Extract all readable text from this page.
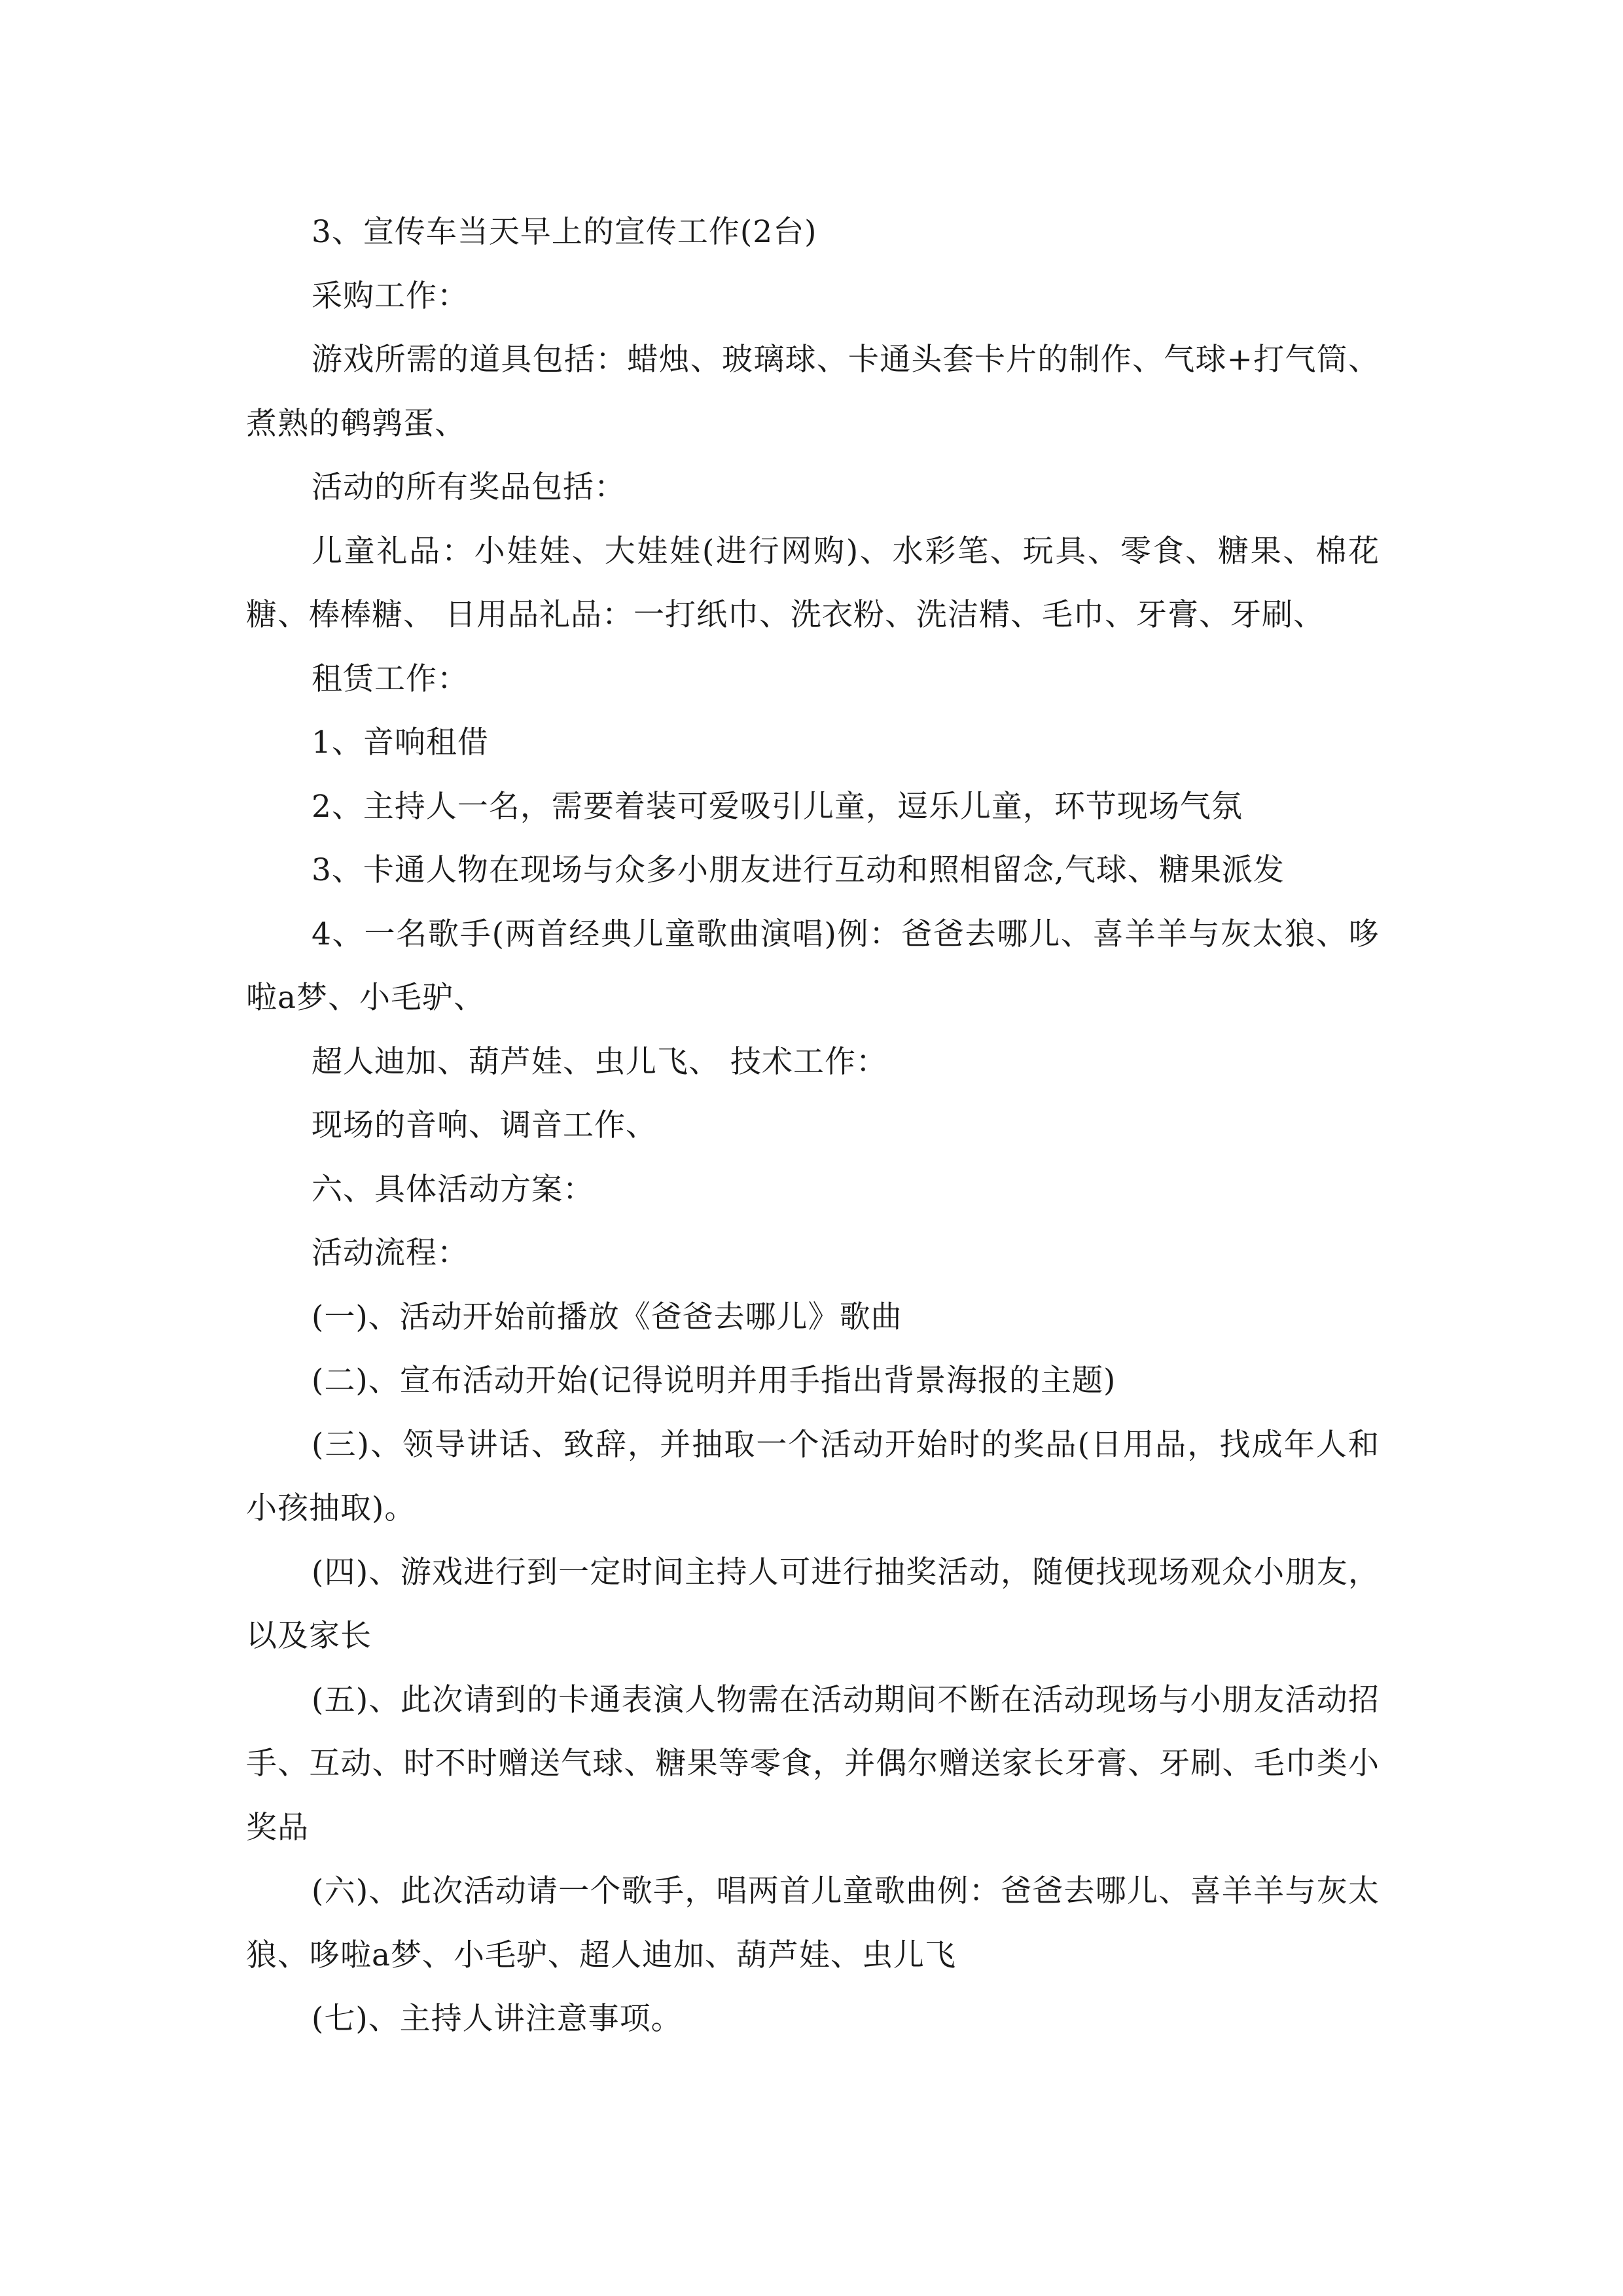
3、宣传车当天早上的宣传工作(2台)

采购工作：

游戏所需的道具包括：蜡烛、玻璃球、卡通头套卡片的制作、气球+打气筒、煮熟的鹌鹑蛋、

活动的所有奖品包括：

儿童礼品：小娃娃、大娃娃(进行网购)、水彩笔、玩具、零食、糖果、棉花糖、棒棒糖、 日用品礼品：一打纸巾、洗衣粉、洗洁精、毛巾、牙膏、牙刷、

租赁工作：

1、音响租借

2、主持人一名，需要着装可爱吸引儿童，逗乐儿童，环节现场气氛

3、卡通人物在现场与众多小朋友进行互动和照相留念,气球、糖果派发

4、一名歌手(两首经典儿童歌曲演唱)例：爸爸去哪儿、喜羊羊与灰太狼、哆啦a梦、小毛驴、

超人迪加、葫芦娃、虫儿飞、 技术工作：

现场的音响、调音工作、

六、具体活动方案：

活动流程：

(一)、活动开始前播放《爸爸去哪儿》歌曲

(二)、宣布活动开始(记得说明并用手指出背景海报的主题)

(三)、领导讲话、致辞，并抽取一个活动开始时的奖品(日用品，找成年人和小孩抽取)。

(四)、游戏进行到一定时间主持人可进行抽奖活动，随便找现场观众小朋友，以及家长

(五)、此次请到的卡通表演人物需在活动期间不断在活动现场与小朋友活动招手、互动、时不时赠送气球、糖果等零食，并偶尔赠送家长牙膏、牙刷、毛巾类小奖品

(六)、此次活动请一个歌手，唱两首儿童歌曲例：爸爸去哪儿、喜羊羊与灰太狼、哆啦a梦、小毛驴、超人迪加、葫芦娃、虫儿飞

(七)、主持人讲注意事项。
